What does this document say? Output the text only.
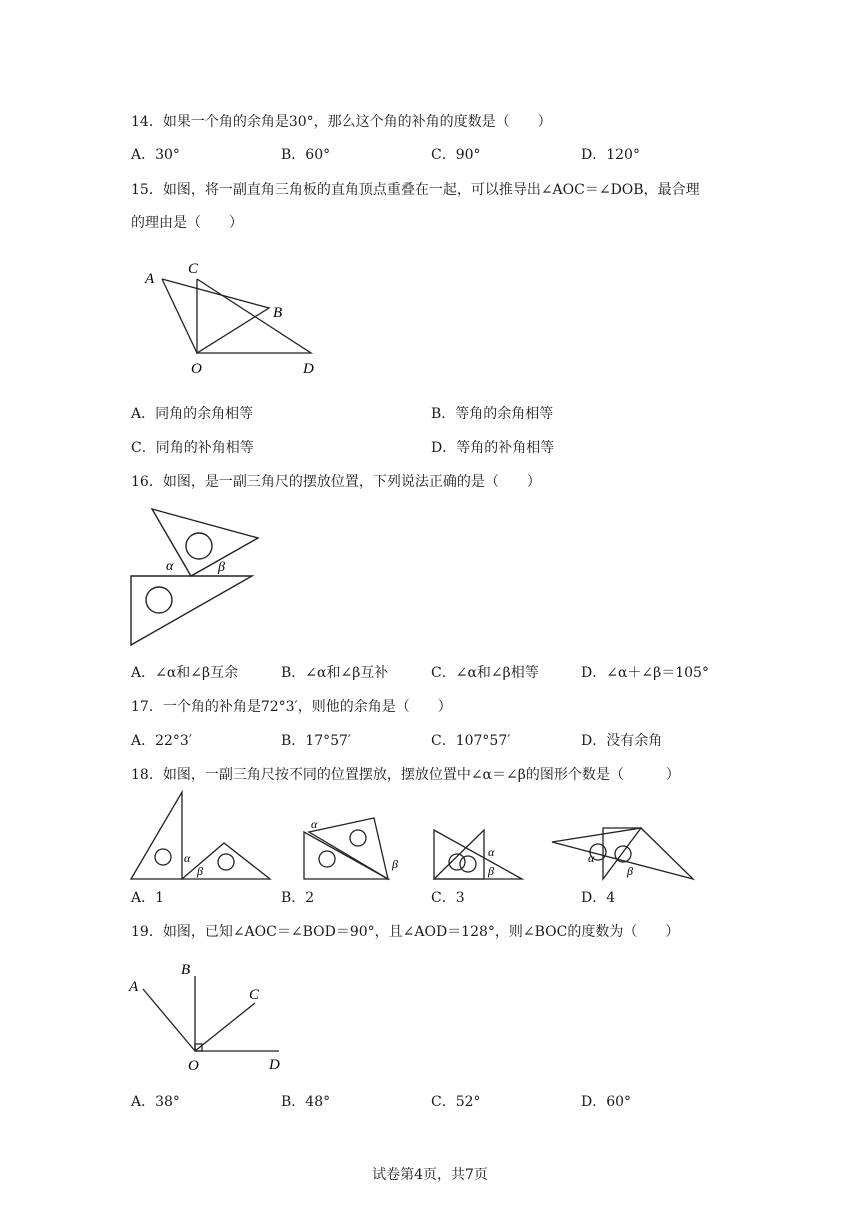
14．如果一个角的余角是30°，那么这个角的补角的度数是（　　）
A．30°	B．60°	C．90°	D．120°
15．如图，将一副直角三角板的直角顶点重叠在一起，可以推导出∠AOC＝∠DOB，最合理
的理由是（　　）
A
C
B
O	D
A．同角的余角相等	B．等角的余角相等
C．同角的补角相等	D．等角的补角相等
16．如图，是一副三角尺的摆放位置，下列说法正确的是（　　）
α	β
A．∠α和∠β互余	B．∠α和∠β互补	C．∠α和∠β相等	D．∠α＋∠β＝105°
17．一个角的补角是72°3′，则他的余角是（　　）
A．22°3′	B．17°57′	C．107°57′	D．没有余角
18．如图，一副三角尺按不同的位置摆放，摆放位置中∠α＝∠β的图形个数是（　　　）
α
β
α
β
α
β
α
β
A．1	B．2	C．3	D．4
19．如图，已知∠AOC＝∠BOD＝90°，且∠AOD＝128°，则∠BOC的度数为（　　）
A
B
C
O	D
A．38°	B．48°	C．52°	D．60°
试卷第4页，共7页
